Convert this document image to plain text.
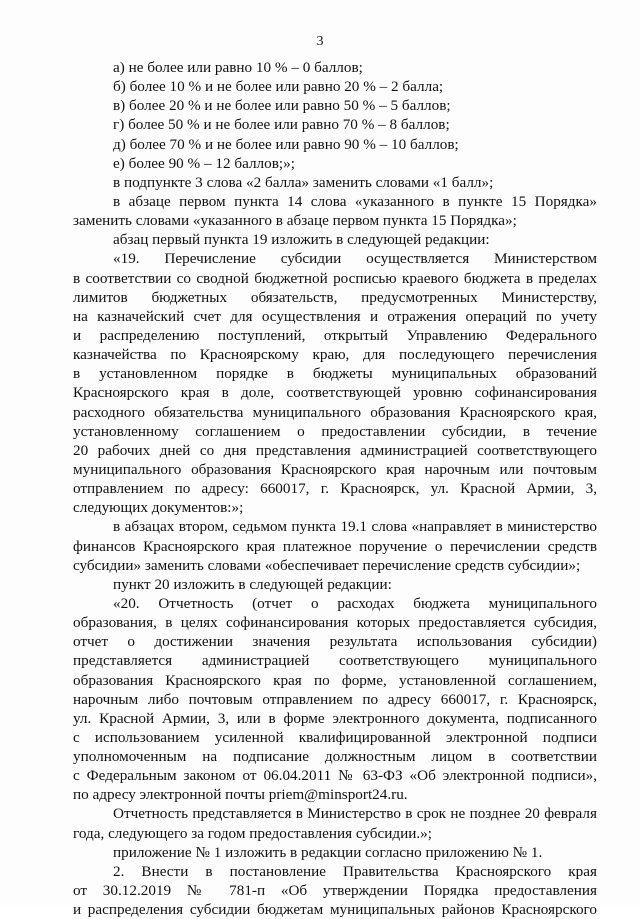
3
а) не более или равно 10 % – 0 баллов;
б) более 10 % и не более или равно 20 % – 2 балла;
в) более 20 % и не более или равно 50 % – 5 баллов;
г) более 50 % и не более или равно 70 % – 8 баллов;
д) более 70 % и не более или равно 90 % – 10 баллов;
е) более 90 % – 12 баллов;»;
в подпункте 3 слова «2 балла» заменить словами «1 балл»;
в абзаце первом пункта 14 слова «указанного в пункте 15 Порядка»
заменить словами «указанного в абзаце первом пункта 15 Порядка»;
абзац первый пункта 19 изложить в следующей редакции:
«19. Перечисление субсидии осуществляется Министерством
в соответствии со сводной бюджетной росписью краевого бюджета в пределах
лимитов бюджетных обязательств, предусмотренных Министерству,
на казначейский счет для осуществления и отражения операций по учету
и распределению поступлений, открытый Управлению Федерального
казначейства по Красноярскому краю, для последующего перечисления
в установленном порядке в бюджеты муниципальных образований
Красноярского края в доле, соответствующей уровню софинансирования
расходного обязательства муниципального образования Красноярского края,
установленному соглашением о предоставлении субсидии, в течение
20 рабочих дней со дня представления администрацией соответствующего
муниципального образования Красноярского края нарочным или почтовым
отправлением по адресу: 660017, г. Красноярск, ул. Красной Армии, 3,
следующих документов:»;
в абзацах втором, седьмом пункта 19.1 слова «направляет в министерство
финансов Красноярского края платежное поручение о перечислении средств
субсидии» заменить словами «обеспечивает перечисление средств субсидии»;
пункт 20 изложить в следующей редакции:
«20. Отчетность (отчет о расходах бюджета муниципального
образования, в целях софинансирования которых предоставляется субсидия,
отчет о достижении значения результата использования субсидии)
представляется администрацией соответствующего муниципального
образования Красноярского края по форме, установленной соглашением,
нарочным либо почтовым отправлением по адресу 660017, г. Красноярск,
ул. Красной Армии, 3, или в форме электронного документа, подписанного
с использованием усиленной квалифицированной электронной подписи
уполномоченным на подписание должностным лицом в соответствии
с Федеральным законом от 06.04.2011 № 63-ФЗ «Об электронной подписи»,
по адресу электронной почты priem@minsport24.ru.
Отчетность представляется в Министерство в срок не позднее 20 февраля
года, следующего за годом предоставления субсидии.»;
приложение № 1 изложить в редакции согласно приложению № 1.
2. Внести в постановление Правительства Красноярского края
от 30.12.2019 № 781-п «Об утверждении Порядка предоставления
и распределения субсидии бюджетам муниципальных районов Красноярского
